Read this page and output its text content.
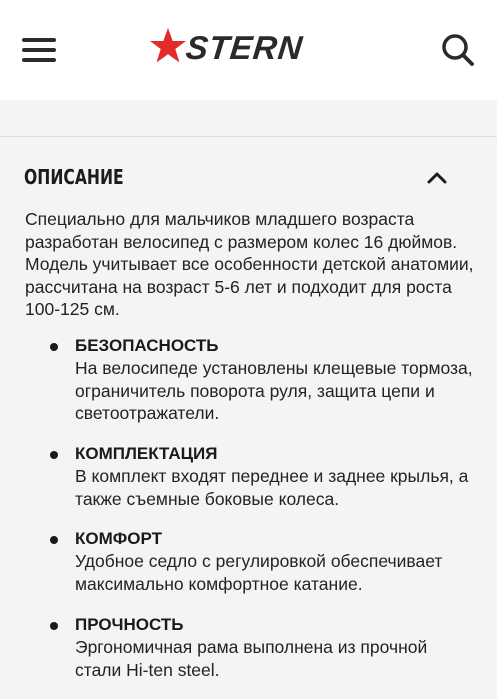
STERN
ОПИСАНИЕ

Специально для мальчиков младшего возраста разработан велосипед с размером колес 16 дюймов. Модель учитывает все особенности детской анатомии, рассчитана на возраст 5-6 лет и подходит для роста 100-125 см.

БЕЗОПАСНОСТЬ

На велосипеде установлены клещевые тормоза, ограничитель поворота руля, защита цепи и светоотражатели.

КОМПЛЕКТАЦИЯ

В комплект входят переднее и заднее крылья, а также съемные боковые колеса.

КОМФОРТ

Удобное седло с регулировкой обеспечивает максимально комфортное катание.

ПРОЧНОСТЬ

Эргономичная рама выполнена из прочной стали Hi-ten steel.
